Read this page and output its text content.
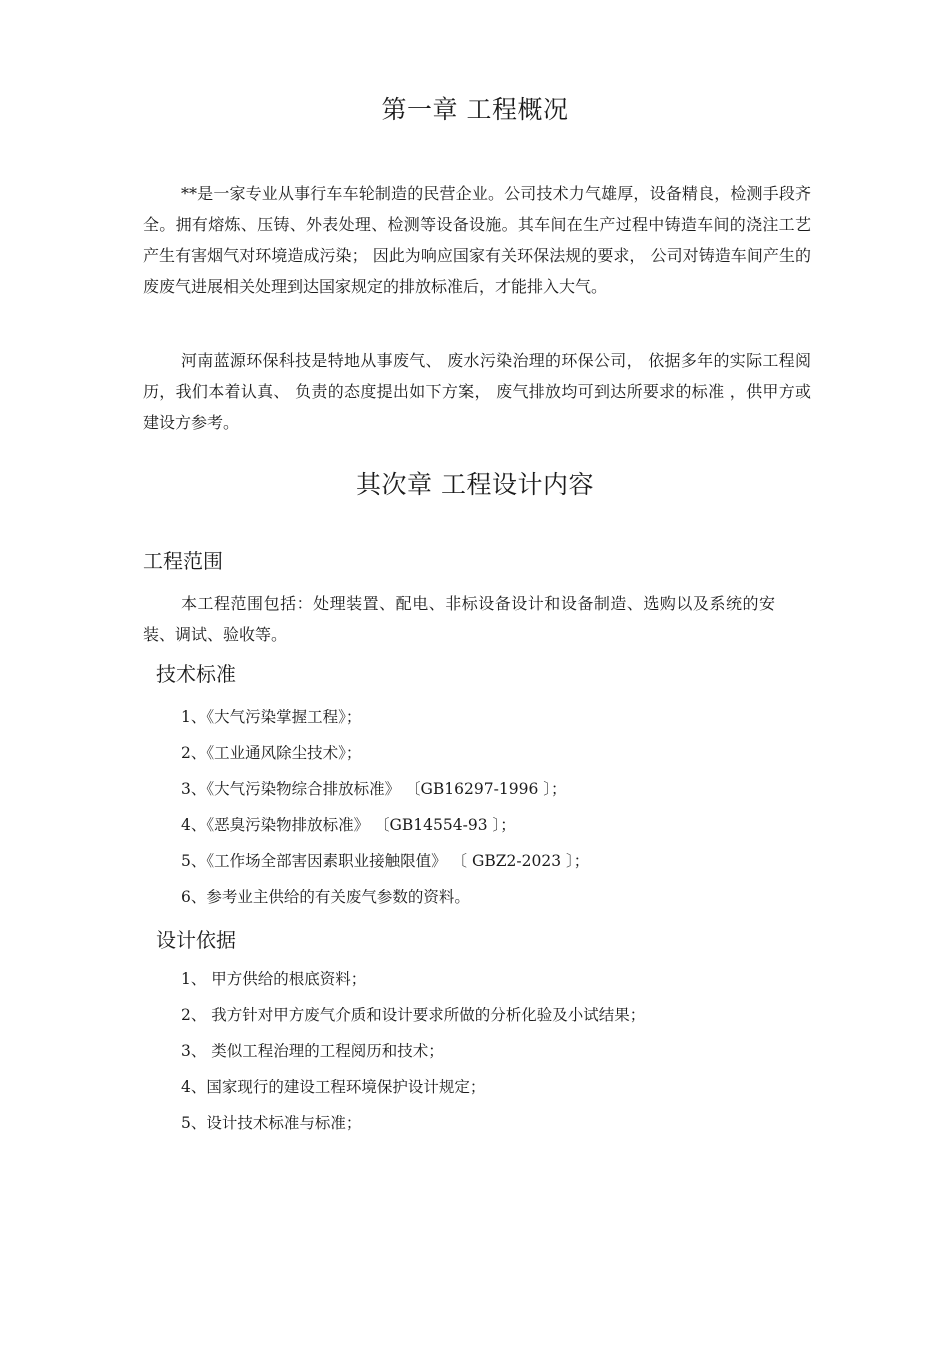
第一章 工程概况

**是一家专业从事行车车轮制造的民营企业。公司技术力气雄厚，设备精良，检测手段齐全。拥有熔炼、压铸、外表处理、检测等设备设施。其车间在生产过程中铸造车间的浇注工艺产生有害烟气对环境造成污染； 因此为响应国家有关环保法规的要求， 公司对铸造车间产生的废废气进展相关处理到达国家规定的排放标准后，才能排入大气。

河南蓝源环保科技是特地从事废气、 废水污染治理的环保公司， 依据多年的实际工程阅历，我们本着认真、 负责的态度提出如下方案， 废气排放均可到达所要求的标准 ，供甲方或建设方参考。

其次章 工程设计内容
工程范围

本工程范围包括：处理装置、配电、非标设备设计和设备制造、选购以及系统的安装、调试、验收等。

技术标准
1、《大气污染掌握工程》；
2、《工业通风除尘技术》；
3、《大气污染物综合排放标准》 〔GB16297-1996 〕；
4、《恶臭污染物排放标准》 〔GB14554-93 〕；
5、《工作场全部害因素职业接触限值》 〔 GBZ2-2023 〕；
6、参考业主供给的有关废气参数的资料。
设计依据
1、 甲方供给的根底资料；
2、 我方针对甲方废气介质和设计要求所做的分析化验及小试结果；
3、 类似工程治理的工程阅历和技术；
4、国家现行的建设工程环境保护设计规定；
5、设计技术标准与标准；
